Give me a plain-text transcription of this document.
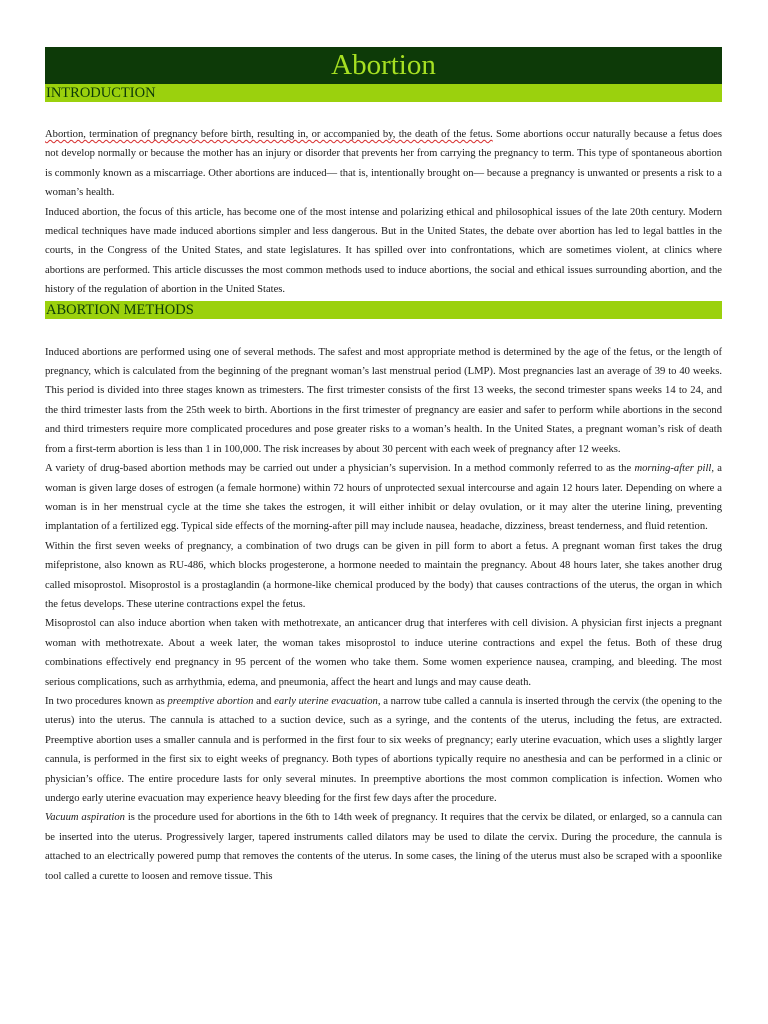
Abortion
INTRODUCTION

Abortion, termination of pregnancy before birth, resulting in, or accompanied by, the death of the fetus. Some abortions occur naturally because a fetus does not develop normally or because the mother has an injury or disorder that prevents her from carrying the pregnancy to term. This type of spontaneous abortion is commonly known as a miscarriage. Other abortions are induced— that is, intentionally brought on— because a pregnancy is unwanted or presents a risk to a woman’s health.

Induced abortion, the focus of this article, has become one of the most intense and polarizing ethical and philosophical issues of the late 20th century. Modern medical techniques have made induced abortions simpler and less dangerous. But in the United States, the debate over abortion has led to legal battles in the courts, in the Congress of the United States, and state legislatures. It has spilled over into confrontations, which are sometimes violent, at clinics where abortions are performed. This article discusses the most common methods used to induce abortions, the social and ethical issues surrounding abortion, and the history of the regulation of abortion in the United States.

ABORTION METHODS

Induced abortions are performed using one of several methods. The safest and most appropriate method is determined by the age of the fetus, or the length of pregnancy, which is calculated from the beginning of the pregnant woman’s last menstrual period (LMP). Most pregnancies last an average of 39 to 40 weeks. This period is divided into three stages known as trimesters. The first trimester consists of the first 13 weeks, the second trimester spans weeks 14 to 24, and the third trimester lasts from the 25th week to birth. Abortions in the first trimester of pregnancy are easier and safer to perform while abortions in the second and third trimesters require more complicated procedures and pose greater risks to a woman’s health. In the United States, a pregnant woman’s risk of death from a first-term abortion is less than 1 in 100,000. The risk increases by about 30 percent with each week of pregnancy after 12 weeks.

A variety of drug-based abortion methods may be carried out under a physician’s supervision. In a method commonly referred to as the morning-after pill, a woman is given large doses of estrogen (a female hormone) within 72 hours of unprotected sexual intercourse and again 12 hours later. Depending on where a woman is in her menstrual cycle at the time she takes the estrogen, it will either inhibit or delay ovulation, or it may alter the uterine lining, preventing implantation of a fertilized egg. Typical side effects of the morning-after pill may include nausea, headache, dizziness, breast tenderness, and fluid retention.

Within the first seven weeks of pregnancy, a combination of two drugs can be given in pill form to abort a fetus. A pregnant woman first takes the drug mifepristone, also known as RU-486, which blocks progesterone, a hormone needed to maintain the pregnancy. About 48 hours later, she takes another drug called misoprostol. Misoprostol is a prostaglandin (a hormone-like chemical produced by the body) that causes contractions of the uterus, the organ in which the fetus develops. These uterine contractions expel the fetus.

Misoprostol can also induce abortion when taken with methotrexate, an anticancer drug that interferes with cell division. A physician first injects a pregnant woman with methotrexate. About a week later, the woman takes misoprostol to induce uterine contractions and expel the fetus. Both of these drug combinations effectively end pregnancy in 95 percent of the women who take them. Some women experience nausea, cramping, and bleeding. The most serious complications, such as arrhythmia, edema, and pneumonia, affect the heart and lungs and may cause death.

In two procedures known as preemptive abortion and early uterine evacuation, a narrow tube called a cannula is inserted through the cervix (the opening to the uterus) into the uterus. The cannula is attached to a suction device, such as a syringe, and the contents of the uterus, including the fetus, are extracted. Preemptive abortion uses a smaller cannula and is performed in the first four to six weeks of pregnancy; early uterine evacuation, which uses a slightly larger cannula, is performed in the first six to eight weeks of pregnancy. Both types of abortions typically require no anesthesia and can be performed in a clinic or physician’s office. The entire procedure lasts for only several minutes. In preemptive abortions the most common complication is infection. Women who undergo early uterine evacuation may experience heavy bleeding for the first few days after the procedure.

Vacuum aspiration is the procedure used for abortions in the 6th to 14th week of pregnancy. It requires that the cervix be dilated, or enlarged, so a cannula can be inserted into the uterus. Progressively larger, tapered instruments called dilators may be used to dilate the cervix. During the procedure, the cannula is attached to an electrically powered pump that removes the contents of the uterus. In some cases, the lining of the uterus must also be scraped with a spoonlike tool called a curette to loosen and remove tissue. This
